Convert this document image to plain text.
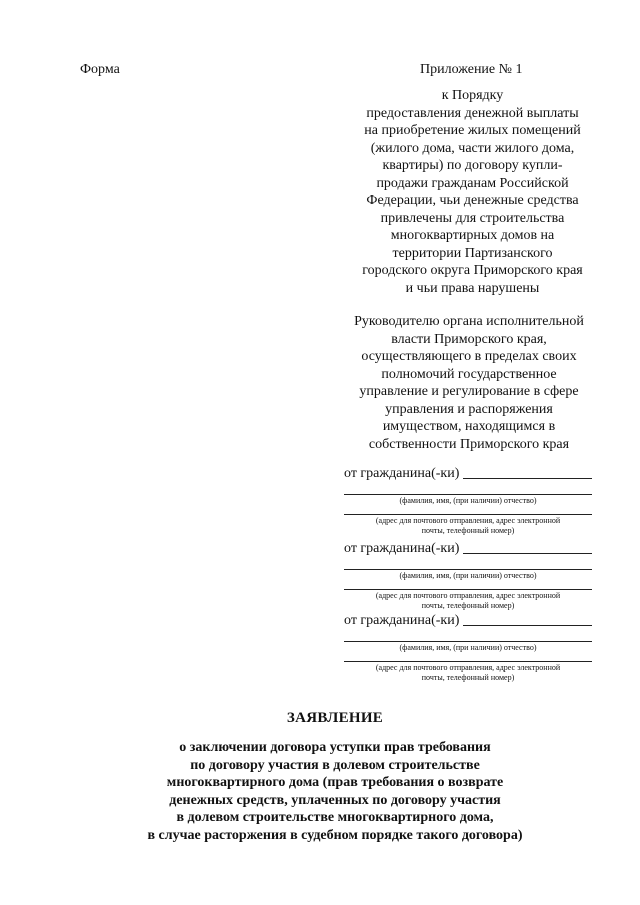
Форма	Приложение № 1
к Порядку
предоставления денежной выплаты
на приобретение жилых помещений
(жилого дома, части жилого дома,
квартиры) по договору купли-
продажи гражданам Российской
Федерации, чьи денежные средства
привлечены для строительства
многоквартирных домов на
территории Партизанского
городского округа Приморского края
и чьи права нарушены
Руководителю органа исполнительной
власти Приморского края,
осуществляющего в пределах своих
полномочий государственное
управление и регулирование в сфере
управления и распоряжения
имуществом, находящимся в
собственности Приморского края
от гражданина(-ки)
(фамилия, имя, (при наличии) отчество)
(адрес для почтового отправления, адрес электронной
почты, телефонный номер)
от гражданина(-ки)
(фамилия, имя, (при наличии) отчество)
(адрес для почтового отправления, адрес электронной
почты, телефонный номер)
от гражданина(-ки)
(фамилия, имя, (при наличии) отчество)
(адрес для почтового отправления, адрес электронной
почты, телефонный номер)
ЗАЯВЛЕНИЕ
о заключении договора уступки прав требования
по договору участия в долевом строительстве
многоквартирного дома (прав требования о возврате
денежных средств, уплаченных по договору участия
в долевом строительстве многоквартирного дома,
в случае расторжения в судебном порядке такого договора)
